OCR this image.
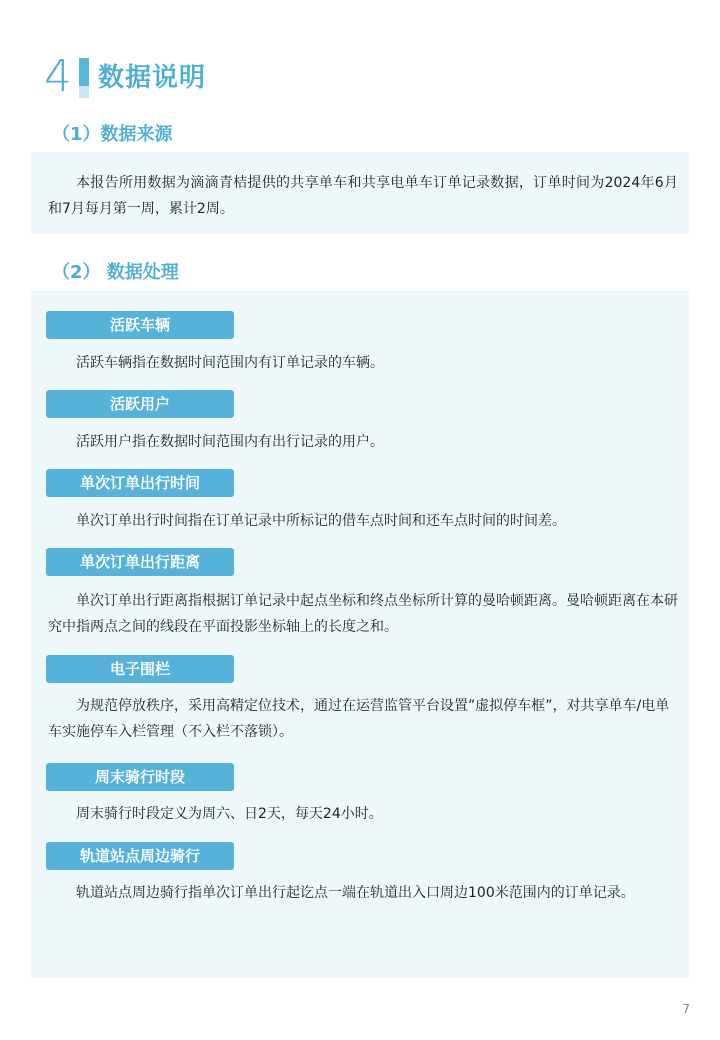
4 数据说明
（1）数据来源
本报告所用数据为滴滴青桔提供的共享单车和共享电单车订单记录数据，订单时间为2024年6月和7月每月第一周，累计2周。
（2） 数据处理
活跃车辆
活跃车辆指在数据时间范围内有订单记录的车辆。
活跃用户
活跃用户指在数据时间范围内有出行记录的用户。
单次订单出行时间
单次订单出行时间指在订单记录中所标记的借车点时间和还车点时间的时间差。
单次订单出行距离
单次订单出行距离指根据订单记录中起点坐标和终点坐标所计算的曼哈顿距离。曼哈顿距离在本研究中指两点之间的线段在平面投影坐标轴上的长度之和。
电子围栏
为规范停放秩序，采用高精定位技术，通过在运营监管平台设置”虚拟停车框”，对共享单车/电单车实施停车入栏管理（不入栏不落锁）。
周末骑行时段
周末骑行时段定义为周六、日2天，每天24小时。
轨道站点周边骑行
轨道站点周边骑行指单次订单出行起讫点一端在轨道出入口周边100米范围内的订单记录。
7
